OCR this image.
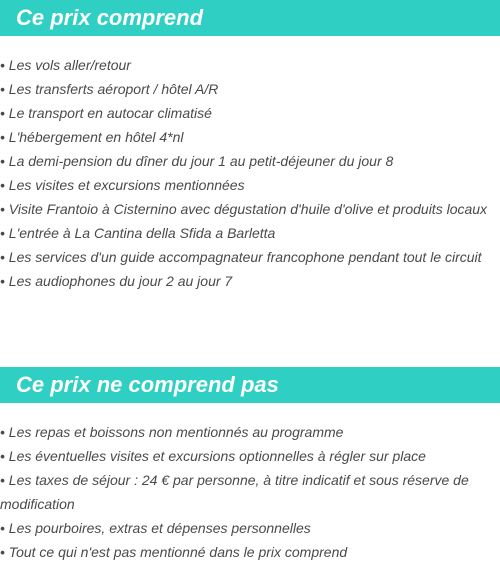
Ce prix comprend
• Les vols aller/retour
• Les transferts aéroport / hôtel A/R
• Le transport en autocar climatisé
• L'hébergement en hôtel 4*nl
• La demi-pension du dîner du jour 1 au petit-déjeuner du jour 8
• Les visites et excursions mentionnées
• Visite Frantoio à Cisternino avec dégustation d'huile d'olive et produits locaux
• L'entrée à La Cantina della Sfida a Barletta
• Les services d'un guide accompagnateur francophone pendant tout le circuit
• Les audiophones du jour 2 au jour 7
Ce prix ne comprend pas
• Les repas et boissons non mentionnés au programme
• Les éventuelles visites et excursions optionnelles à régler sur place
• Les taxes de séjour : 24 € par personne, à titre indicatif et sous réserve de modification
• Les pourboires, extras et dépenses personnelles
• Tout ce qui n'est pas mentionné dans le prix comprend
